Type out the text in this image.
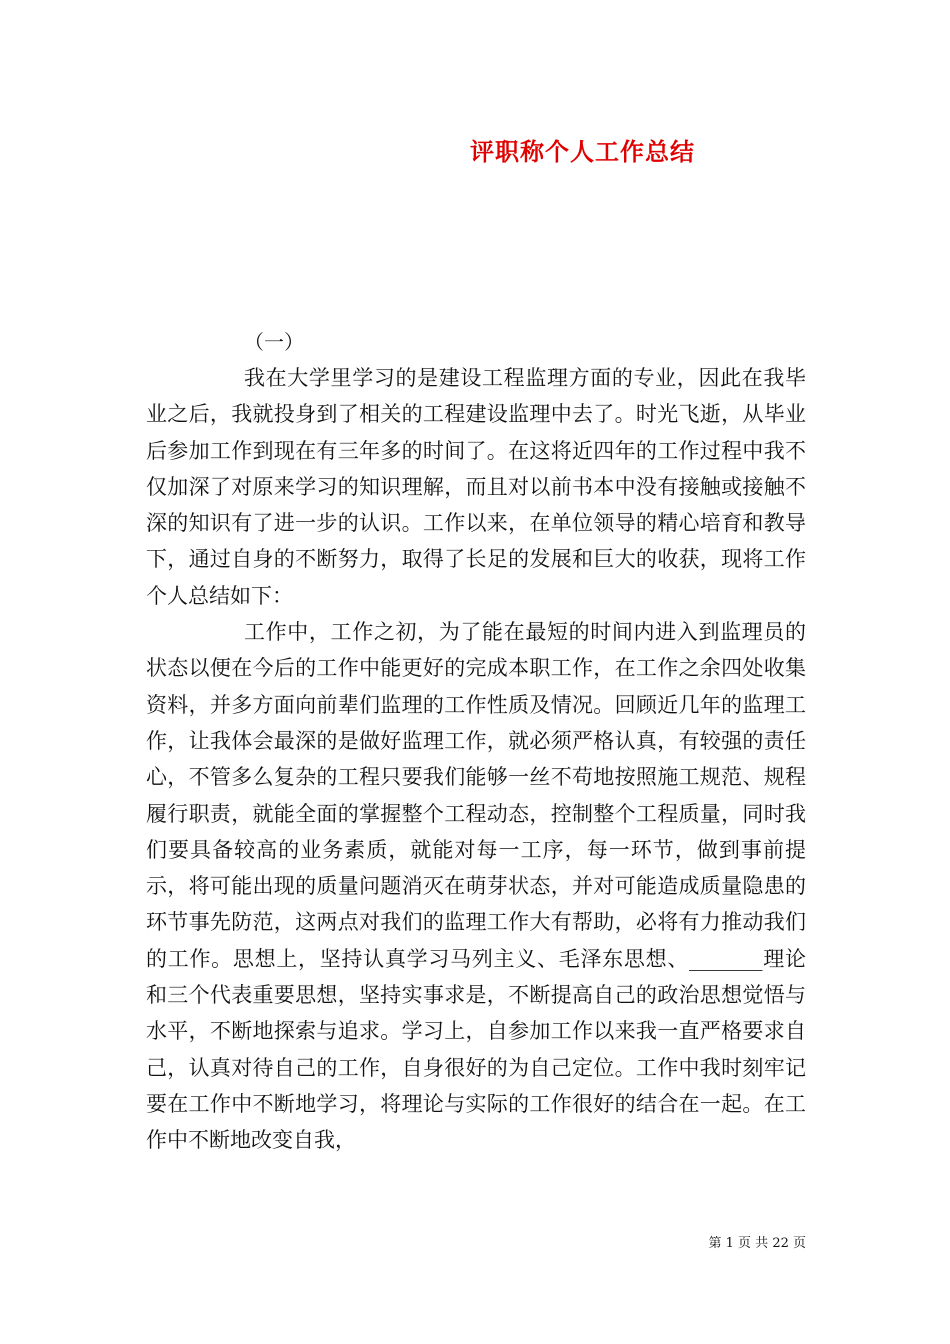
评职称个人工作总结
（一）

我在大学里学习的是建设工程监理方面的专业，因此在我毕业之后，我就投身到了相关的工程建设监理中去了。时光飞逝，从毕业后参加工作到现在有三年多的时间了。在这将近四年的工作过程中我不仅加深了对原来学习的知识理解，而且对以前书本中没有接触或接触不深的知识有了进一步的认识。工作以来，在单位领导的精心培育和教导下，通过自身的不断努力，取得了长足的发展和巨大的收获，现将工作个人总结如下：

工作中，工作之初，为了能在最短的时间内进入到监理员的状态以便在今后的工作中能更好的完成本职工作，在工作之余四处收集资料，并多方面向前辈们监理的工作性质及情况。回顾近几年的监理工作，让我体会最深的是做好监理工作，就必须严格认真，有较强的责任心，不管多么复杂的工程只要我们能够一丝不苟地按照施工规范、规程履行职责，就能全面的掌握整个工程动态，控制整个工程质量，同时我们要具备较高的业务素质，就能对每一工序，每一环节，做到事前提示，将可能出现的质量问题消灭在萌芽状态，并对可能造成质量隐患的环节事先防范，这两点对我们的监理工作大有帮助，必将有力推动我们的工作。思想上，坚持认真学习马列主义、毛泽东思想、_______理论和三个代表重要思想，坚持实事求是，不断提高自己的政治思想觉悟与水平，不断地探索与追求。学习上，自参加工作以来我一直严格要求自己，认真对待自己的工作，自身很好的为自己定位。工作中我时刻牢记要在工作中不断地学习，将理论与实际的工作很好的结合在一起。在工作中不断地改变自我，

第 1 页 共 22 页
